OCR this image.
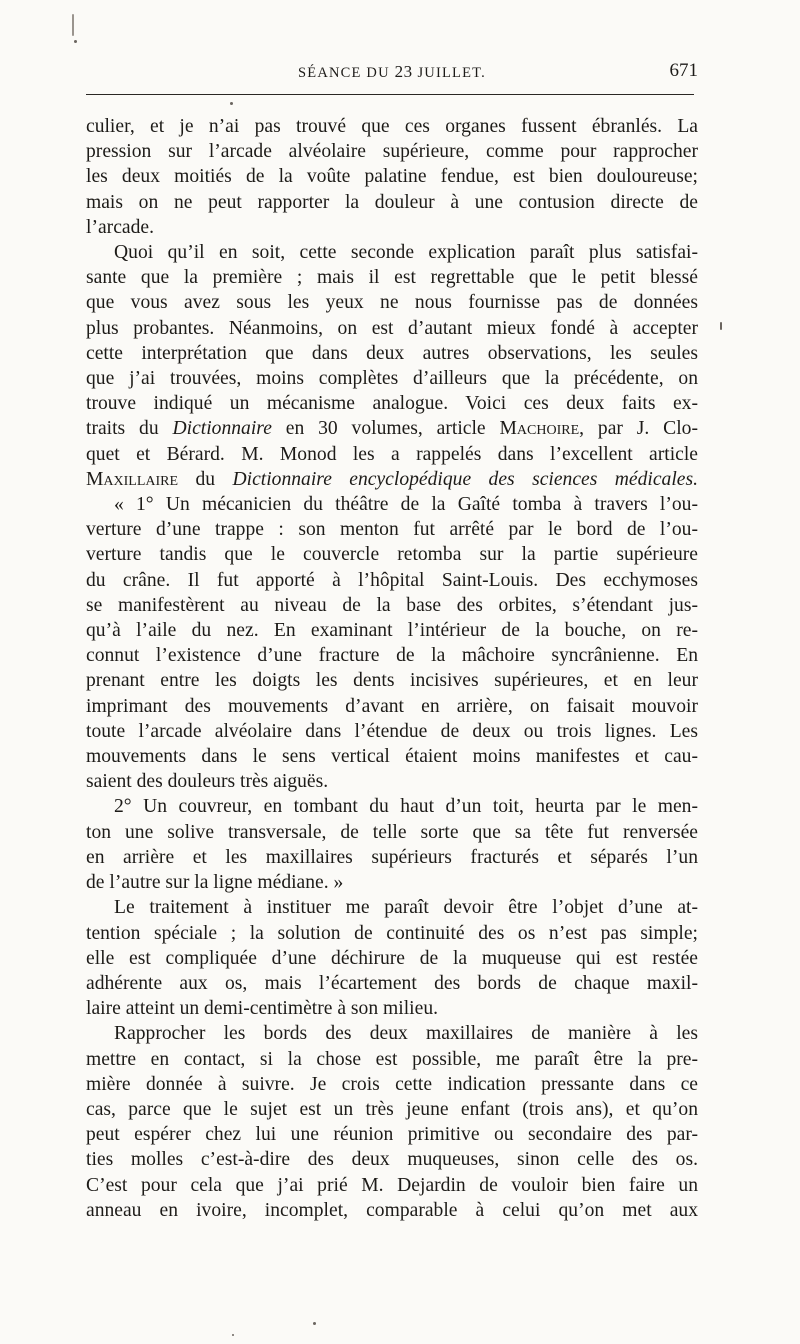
SÉANCE DU 23 JUILLET.	671

culier, et je n’ai pas trouvé que ces organes fussent ébranlés. La

pression sur l’arcade alvéolaire supérieure, comme pour rapprocher

les deux moitiés de la voûte palatine fendue, est bien douloureuse;

mais on ne peut rapporter la douleur à une contusion directe de

l’arcade.

Quoi qu’il en soit, cette seconde explication paraît plus satisfai-

sante que la première ; mais il est regrettable que le petit blessé

que vous avez sous les yeux ne nous fournisse pas de données

plus probantes. Néanmoins, on est d’autant mieux fondé à accepter

cette interprétation que dans deux autres observations, les seules

que j’ai trouvées, moins complètes d’ailleurs que la précédente, on

trouve indiqué un mécanisme analogue. Voici ces deux faits ex-

traits du Dictionnaire en 30 volumes, article Machoire, par J. Clo-

quet et Bérard. M. Monod les a rappelés dans l’excellent article

Maxillaire du Dictionnaire encyclopédique des sciences médicales.

« 1° Un mécanicien du théâtre de la Gaîté tomba à travers l’ou-

verture d’une trappe : son menton fut arrêté par le bord de l’ou-

verture tandis que le couvercle retomba sur la partie supérieure

du crâne. Il fut apporté à l’hôpital Saint-Louis. Des ecchymoses

se manifestèrent au niveau de la base des orbites, s’étendant jus-

qu’à l’aile du nez. En examinant l’intérieur de la bouche, on re-

connut l’existence d’une fracture de la mâchoire syncrânienne. En

prenant entre les doigts les dents incisives supérieures, et en leur

imprimant des mouvements d’avant en arrière, on faisait mouvoir

toute l’arcade alvéolaire dans l’étendue de deux ou trois lignes. Les

mouvements dans le sens vertical étaient moins manifestes et cau-

saient des douleurs très aiguës.

2° Un couvreur, en tombant du haut d’un toit, heurta par le men-

ton une solive transversale, de telle sorte que sa tête fut renversée

en arrière et les maxillaires supérieurs fracturés et séparés l’un

de l’autre sur la ligne médiane. »

Le traitement à instituer me paraît devoir être l’objet d’une at-

tention spéciale ; la solution de continuité des os n’est pas simple;

elle est compliquée d’une déchirure de la muqueuse qui est restée

adhérente aux os, mais l’écartement des bords de chaque maxil-

laire atteint un demi-centimètre à son milieu.

Rapprocher les bords des deux maxillaires de manière à les

mettre en contact, si la chose est possible, me paraît être la pre-

mière donnée à suivre. Je crois cette indication pressante dans ce

cas, parce que le sujet est un très jeune enfant (trois ans), et qu’on

peut espérer chez lui une réunion primitive ou secondaire des par-

ties molles c’est-à-dire des deux muqueuses, sinon celle des os.

C’est pour cela que j’ai prié M. Dejardin de vouloir bien faire un

anneau en ivoire, incomplet, comparable à celui qu’on met aux
